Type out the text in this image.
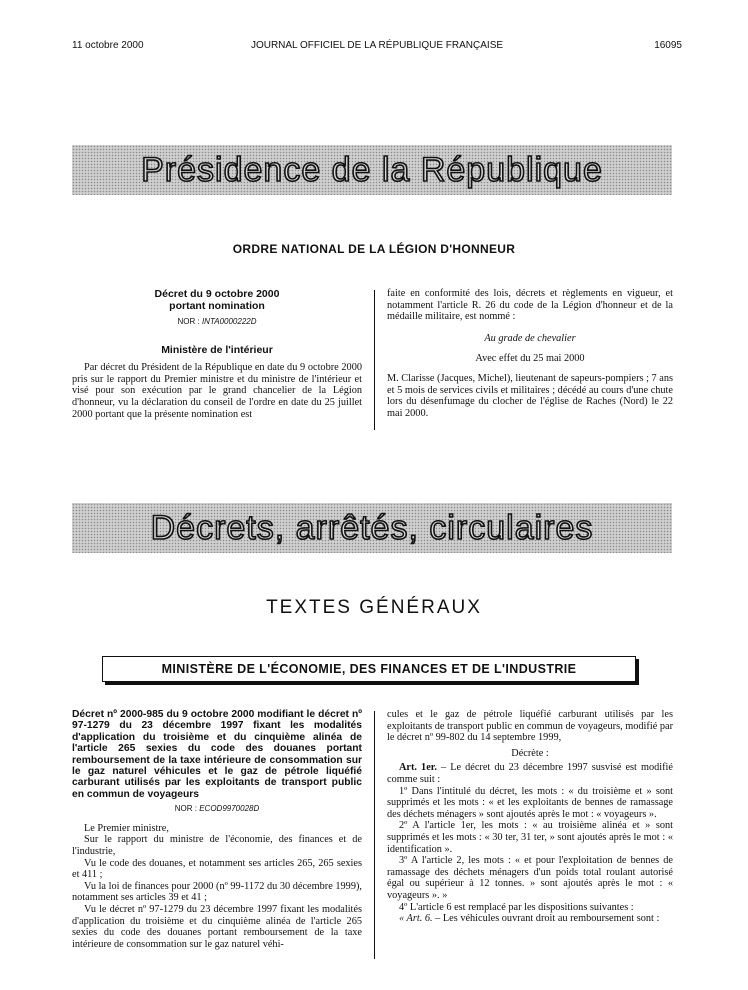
11 octobre 2000	JOURNAL OFFICIEL DE LA RÉPUBLIQUE FRANÇAISE	16095
Présidence de la République
ORDRE NATIONAL DE LA LÉGION D'HONNEUR
Décret du 9 octobre 2000
portant nomination
NOR : INTA0000222D
Ministère de l'intérieur

Par décret du Président de la République en date du 9 octobre 2000 pris sur le rapport du Premier ministre et du ministre de l'intérieur et visé pour son exécution par le grand chancelier de la Légion d'honneur, vu la déclaration du conseil de l'ordre en date du 25 juillet 2000 portant que la présente nomination est

faite en conformité des lois, décrets et règlements en vigueur, et notamment l'article R. 26 du code de la Légion d'honneur et de la médaille militaire, est nommé :

Au grade de chevalier

Avec effet du 25 mai 2000

M. Clarisse (Jacques, Michel), lieutenant de sapeurs-pompiers ; 7 ans et 5 mois de services civils et militaires ; décédé au cours d'une chute lors du désenfumage du clocher de l'église de Raches (Nord) le 22 mai 2000.

Décrets, arrêtés, circulaires
TEXTES GÉNÉRAUX
MINISTÈRE DE L'ÉCONOMIE, DES FINANCES ET DE L'INDUSTRIE

Décret nº 2000-985 du 9 octobre 2000 modifiant le décret nº 97-1279 du 23 décembre 1997 fixant les modalités d'application du troisième et du cinquième alinéa de l'article 265 sexies du code des douanes portant remboursement de la taxe intérieure de consommation sur le gaz naturel véhicules et le gaz de pétrole liquéfié carburant utilisés par les exploitants de transport public en commun de voyageurs

NOR : ECOD9970028D

Le Premier ministre,

Sur le rapport du ministre de l'économie, des finances et de l'industrie,

Vu le code des douanes, et notamment ses articles 265, 265 sexies et 411 ;

Vu la loi de finances pour 2000 (nº 99-1172 du 30 décembre 1999), notamment ses articles 39 et 41 ;

Vu le décret nº 97-1279 du 23 décembre 1997 fixant les modalités d'application du troisième et du cinquième alinéa de l'article 265 sexies du code des douanes portant remboursement de la taxe intérieure de consommation sur le gaz naturel véhi-

cules et le gaz de pétrole liquéfié carburant utilisés par les exploitants de transport public en commun de voyageurs, modifié par le décret nº 99-802 du 14 septembre 1999,

Décrète :

Art. 1er. – Le décret du 23 décembre 1997 susvisé est modifié comme suit :

1º Dans l'intitulé du décret, les mots : « du troisième et » sont supprimés et les mots : « et les exploitants de bennes de ramassage des déchets ménagers » sont ajoutés après le mot : « voyageurs ».

2º A l'article 1er, les mots : « au troisième alinéa et » sont supprimés et les mots : « 30 ter, 31 ter, » sont ajoutés après le mot : « identification ».

3º A l'article 2, les mots : « et pour l'exploitation de bennes de ramassage des déchets ménagers d'un poids total roulant autorisé égal ou supérieur à 12 tonnes. » sont ajoutés après le mot : « voyageurs ». »

4º L'article 6 est remplacé par les dispositions suivantes :

« Art. 6. – Les véhicules ouvrant droit au remboursement sont :
